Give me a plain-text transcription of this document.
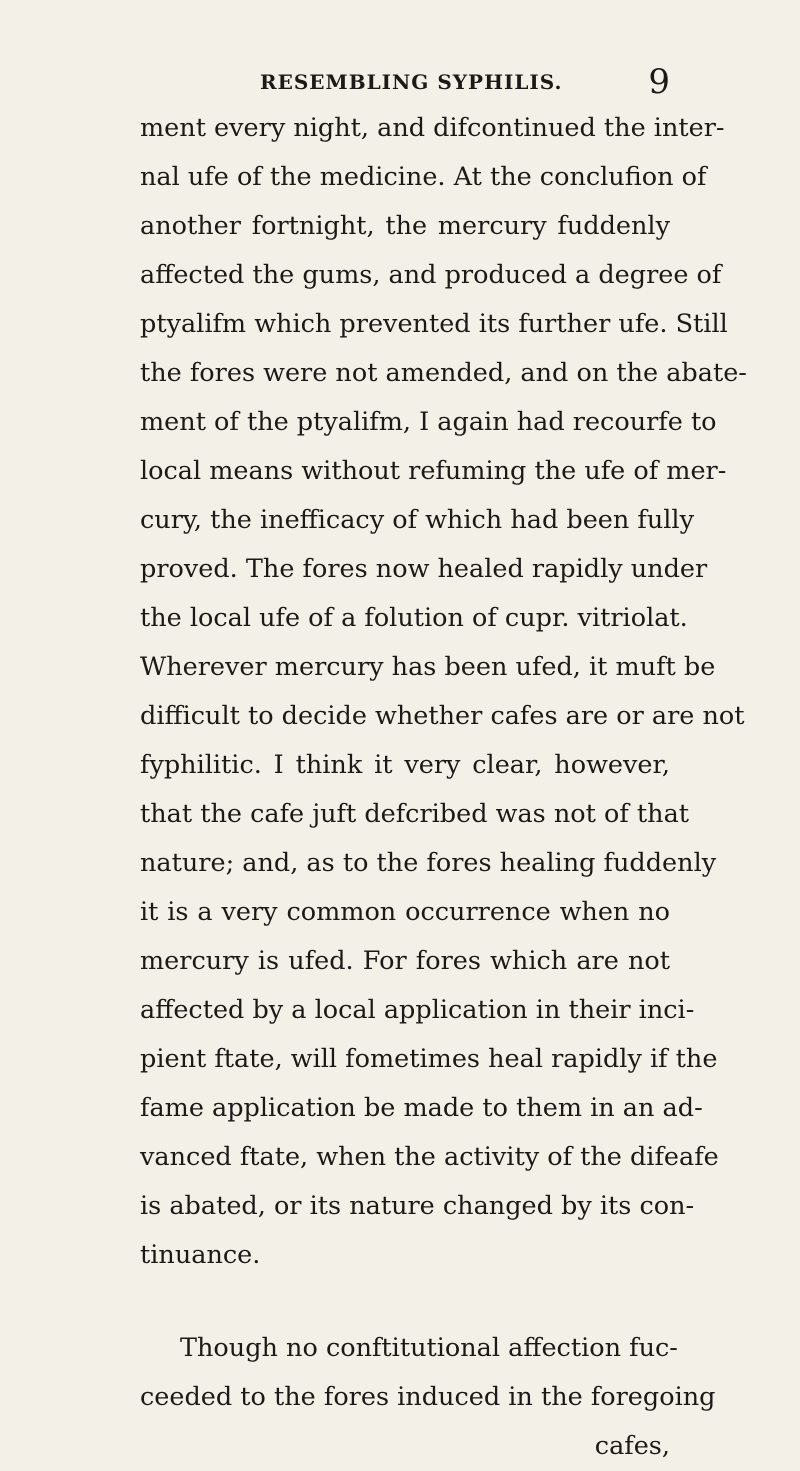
RESEMBLING SYPHILIS.	9
ment every night, and difcontinued the inter-
nal ufe of the medicine. At the conclufion of
another fortnight, the mercury fuddenly
affected the gums, and produced a degree of
ptyalifm which prevented its further ufe. Still
the fores were not amended, and on the abate-
ment of the ptyalifm, I again had recourfe to
local means without refuming the ufe of mer-
cury, the inefficacy of which had been fully
proved. The fores now healed rapidly under
the local ufe of a folution of cupr. vitriolat.
Wherever mercury has been ufed, it muft be
difficult to decide whether cafes are or are not
fyphilitic. I think it very clear, however,
that the cafe juft defcribed was not of that
nature; and, as to the fores healing fuddenly
it is a very common occurrence when no
mercury is ufed. For fores which are not
affected by a local application in their inci-
pient ftate, will fometimes heal rapidly if the
fame application be made to them in an ad-
vanced ftate, when the activity of the difeafe
is abated, or its nature changed by its con-
tinuance.
Though no conftitutional affection fuc-
ceeded to the fores induced in the foregoing
cafes,
